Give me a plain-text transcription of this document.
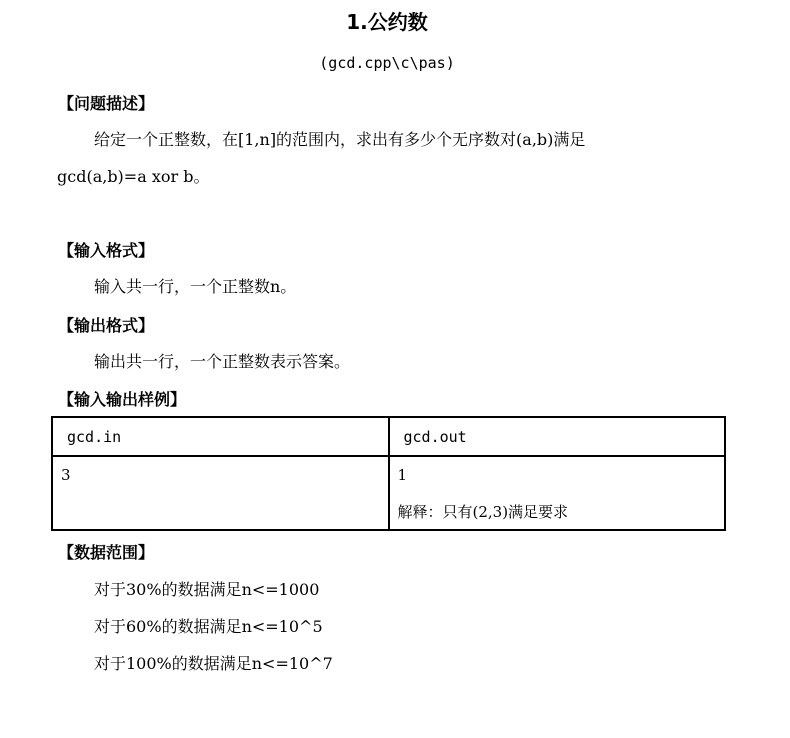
1.公约数
(gcd.cpp\c\pas)
【问题描述】
给定一个正整数，在[1,n]的范围内，求出有多少个无序数对(a,b)满足
gcd(a,b)=a xor b。
【输入格式】
输入共一行，一个正整数n。
【输出格式】
输出共一行，一个正整数表示答案。
【输入输出样例】
gcd.in	gcd.out

3	1
解释：只有(2,3)满足要求
【数据范围】
对于30%的数据满足n<=1000
对于60%的数据满足n<=10^5
对于100%的数据满足n<=10^7
